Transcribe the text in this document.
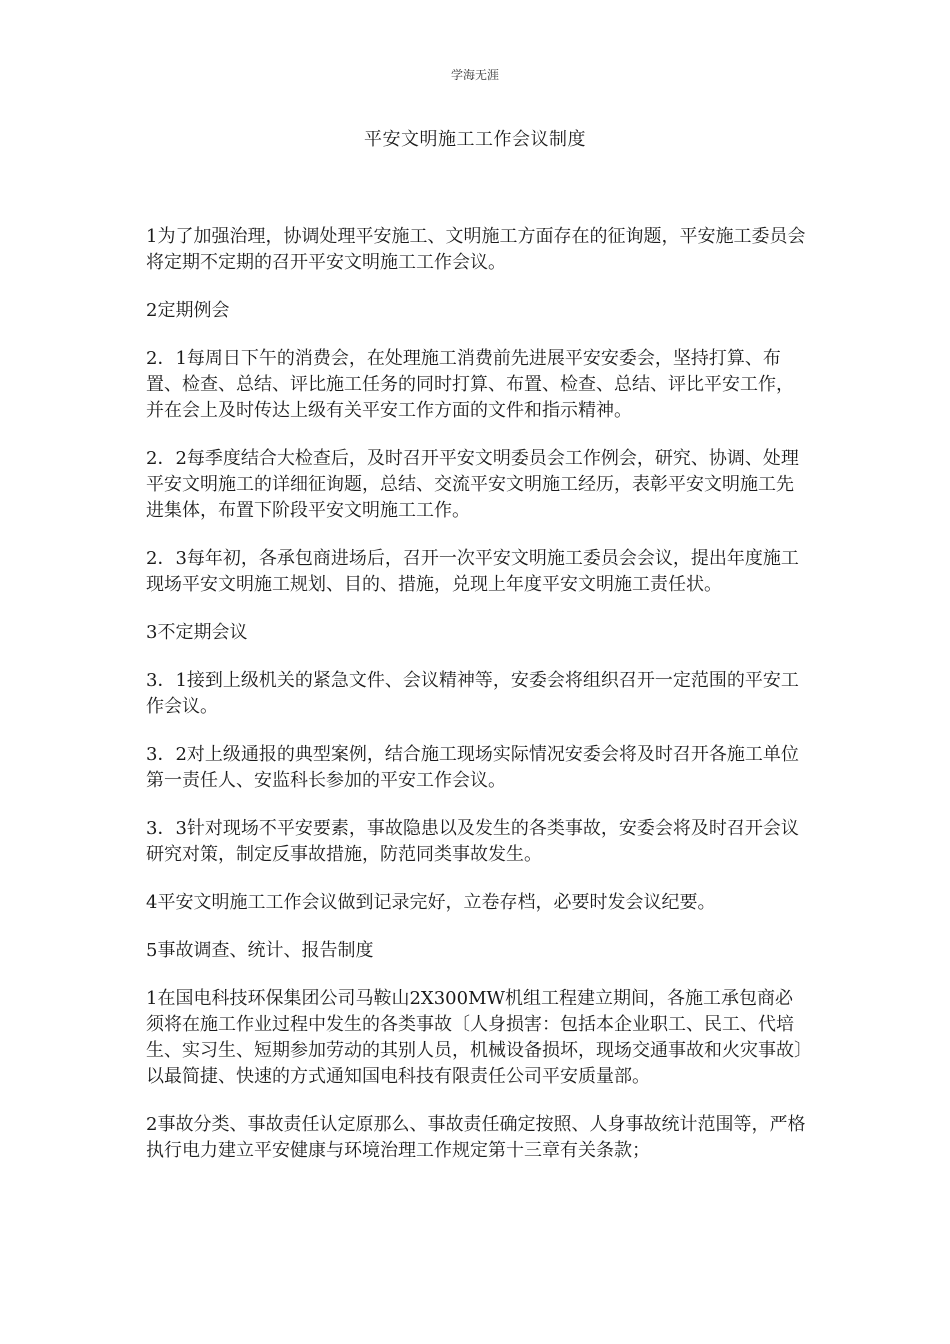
学海无涯
平安文明施工工作会议制度

1为了加强治理，协调处理平安施工、文明施工方面存在的征询题，平安施工委员会将定期不定期的召开平安文明施工工作会议。

2定期例会

2．1每周日下午的消费会，在处理施工消费前先进展平安安委会，坚持打算、布置、检查、总结、评比施工任务的同时打算、布置、检查、总结、评比平安工作，并在会上及时传达上级有关平安工作方面的文件和指示精神。

2．2每季度结合大检查后，及时召开平安文明委员会工作例会，研究、协调、处理平安文明施工的详细征询题，总结、交流平安文明施工经历，表彰平安文明施工先进集体，布置下阶段平安文明施工工作。

2．3每年初，各承包商进场后，召开一次平安文明施工委员会会议，提出年度施工现场平安文明施工规划、目的、措施，兑现上年度平安文明施工责任状。

3不定期会议

3．1接到上级机关的紧急文件、会议精神等，安委会将组织召开一定范围的平安工作会议。

3．2对上级通报的典型案例，结合施工现场实际情况安委会将及时召开各施工单位第一责任人、安监科长参加的平安工作会议。

3．3针对现场不平安要素，事故隐患以及发生的各类事故，安委会将及时召开会议研究对策，制定反事故措施，防范同类事故发生。

4平安文明施工工作会议做到记录完好，立卷存档，必要时发会议纪要。

5事故调查、统计、报告制度

1在国电科技环保集团公司马鞍山2X300MW机组工程建立期间，各施工承包商必须将在施工作业过程中发生的各类事故〔人身损害：包括本企业职工、民工、代培生、实习生、短期参加劳动的其别人员，机械设备损坏，现场交通事故和火灾事故〕以最简捷、快速的方式通知国电科技有限责任公司平安质量部。

2事故分类、事故责任认定原那么、事故责任确定按照、人身事故统计范围等，严格执行电力建立平安健康与环境治理工作规定第十三章有关条款；
